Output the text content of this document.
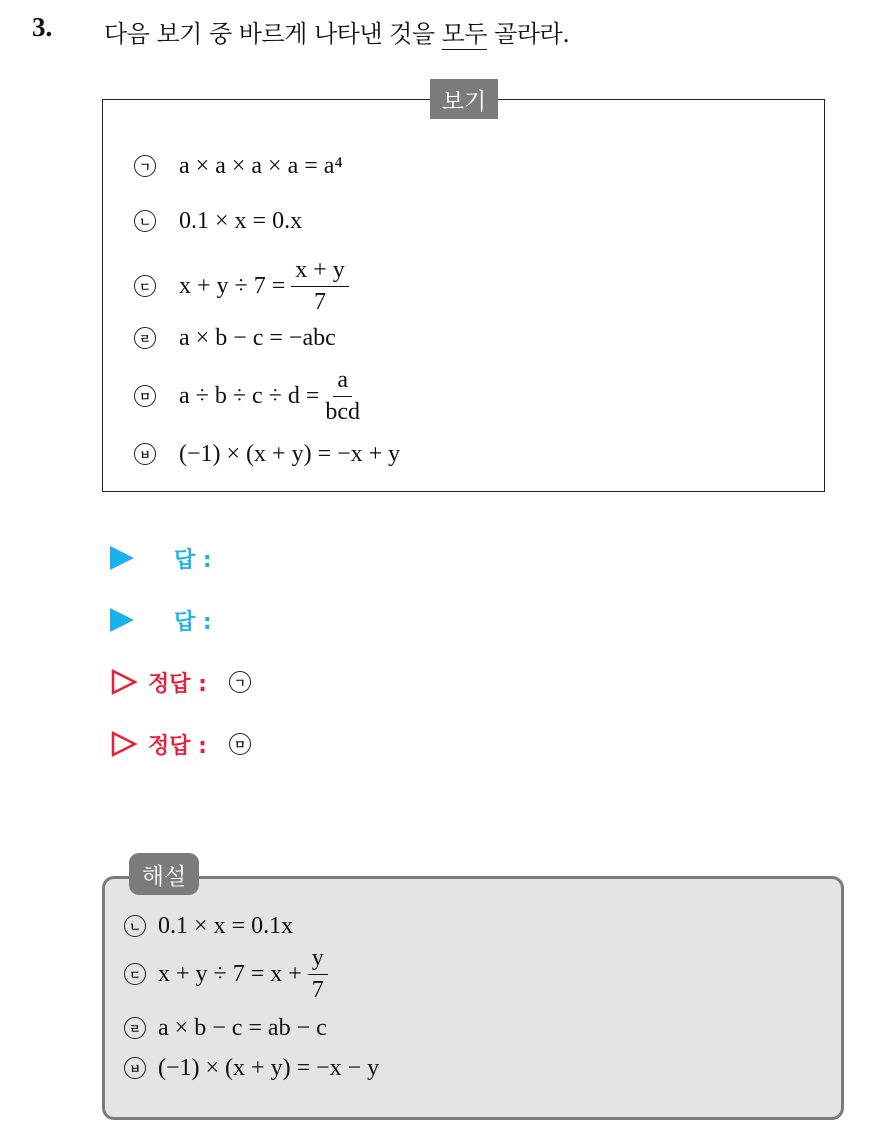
3. 다음 보기 중 바르게 나타낸 것을 모두 골라라.
보기
ㄱ a × a × a × a = a⁴
ㄴ 0.1 × x = 0.x
ㄷ $x + y \div 7 = \frac{x + y}{7}$
ㄹ a × b − c = −abc
ㅁ $a \div b \div c \div d = \frac{a}{\text{bcd}}$
ㅂ (−1) × (x + y) = −x + y
답 :
답 :
정답 :	ㄱ
정답 :	ㅁ
해설
ㄴ 0.1 × x = 0.1x
ㄷ $x + y \div 7 = x + \frac{y}{7}$
ㄹ a × b − c = ab − c
ㅂ (−1) × (x + y) = −x − y
